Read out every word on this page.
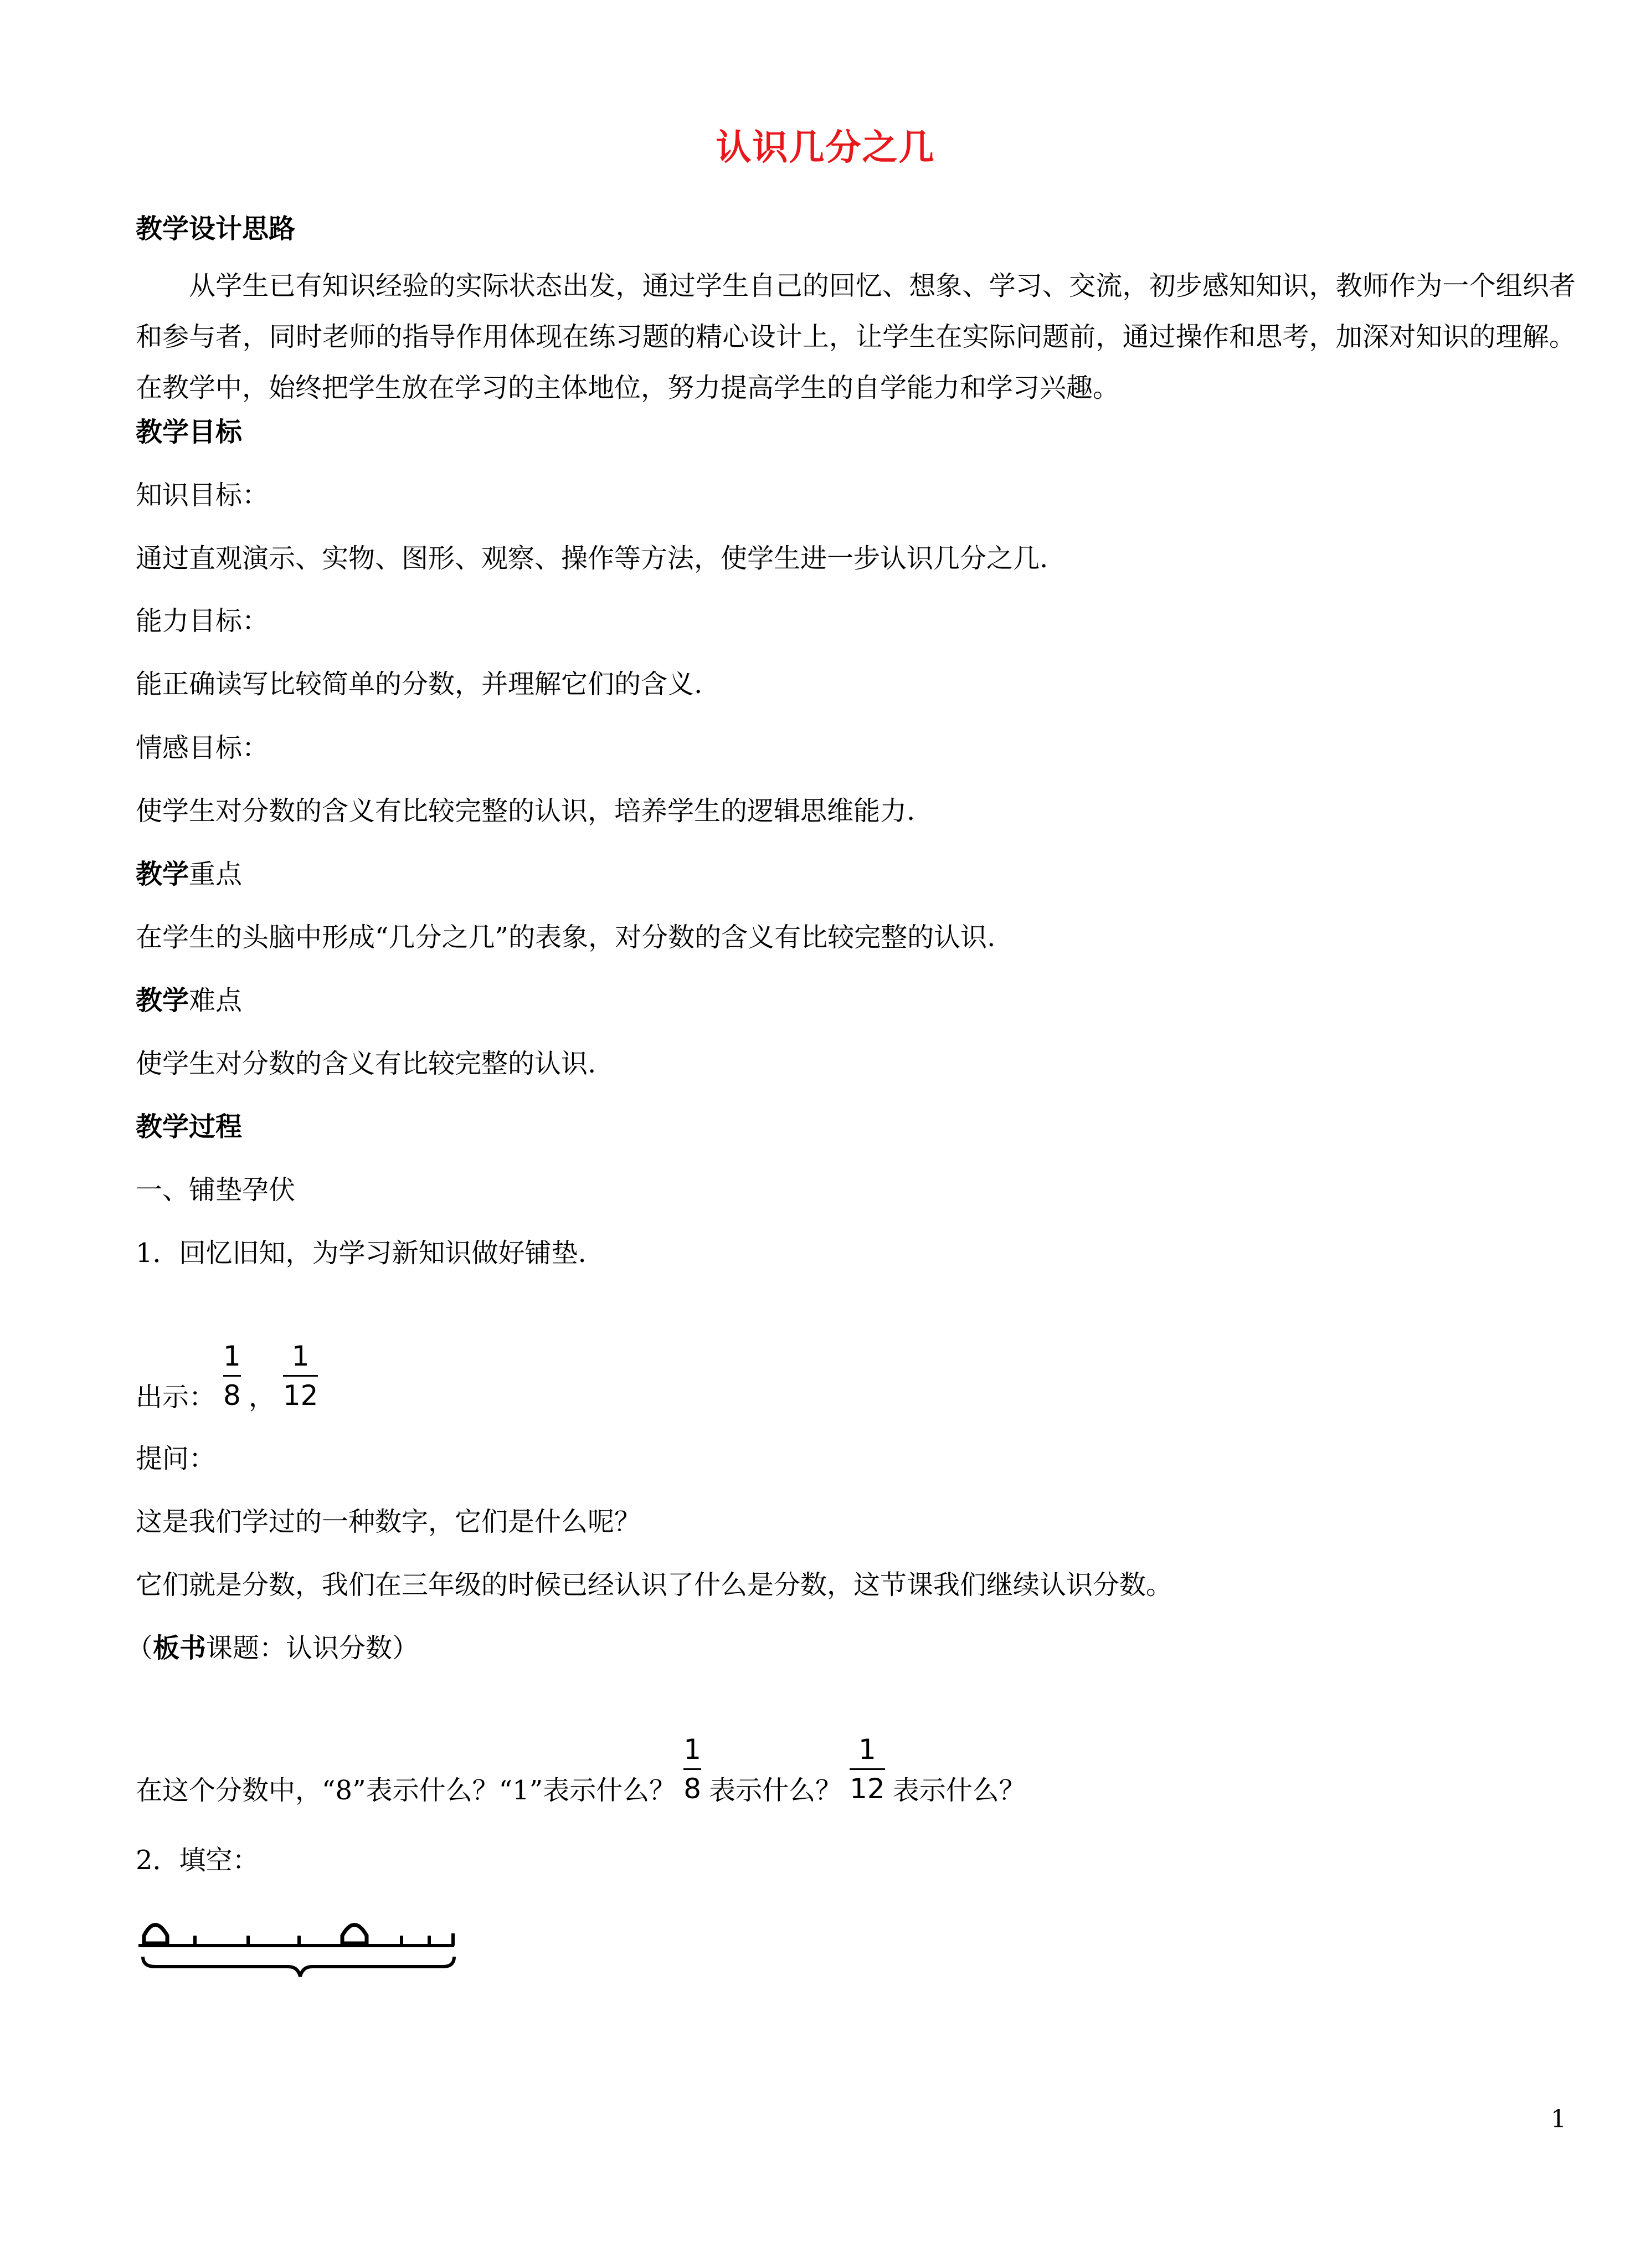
认识几分之几
教学设计思路
从学生已有知识经验的实际状态出发，通过学生自己的回忆、想象、学习、交流，初步感知知识，教师作为一个组织者和参与者，同时老师的指导作用体现在练习题的精心设计上，让学生在实际问题前，通过操作和思考，加深对知识的理解。在教学中，始终把学生放在学习的主体地位，努力提高学生的自学能力和学习兴趣。
教学目标
知识目标：
通过直观演示、实物、图形、观察、操作等方法，使学生进一步认识几分之几.
能力目标：
能正确读写比较简单的分数，并理解它们的含义.
情感目标：
使学生对分数的含义有比较完整的认识，培养学生的逻辑思维能力.
教学重点
在学生的头脑中形成“几分之几”的表象，对分数的含义有比较完整的认识.
教学难点
使学生对分数的含义有比较完整的认识.
教学过程
一、铺垫孕伏
1．回忆旧知，为学习新知识做好铺垫.
出示： $\frac{1}{8}$ ， $\frac{1}{12}$
提问：
这是我们学过的一种数字，它们是什么呢？
它们就是分数，我们在三年级的时候已经认识了什么是分数，这节课我们继续认识分数。
（板书课题：认识分数）
在这个分数中，“8”表示什么？“1”表示什么？ $\frac{1}{8}$ 表示什么？ $\frac{1}{12}$ 表示什么？
2．填空：
1
